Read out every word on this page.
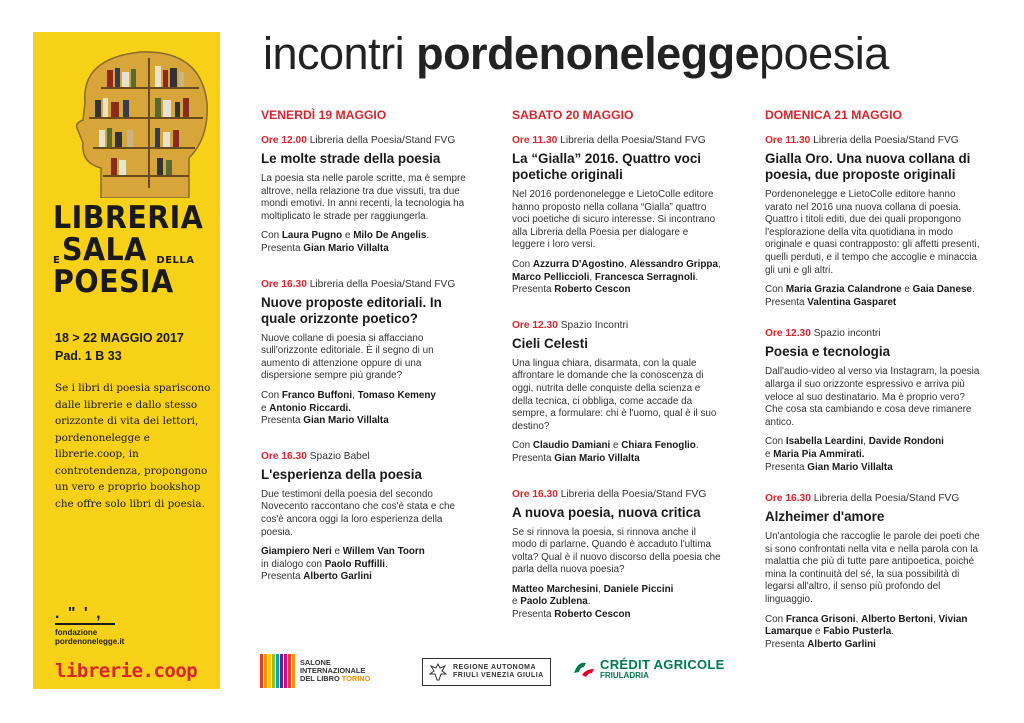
LIBRERIA
E SALA DELLA
POESIA
18 > 22 MAGGIO 2017
Pad. 1 B 33
Se i libri di poesia spariscono dalle librerie e dallo stesso orizzonte di vita dei lettori, pordenonelegge e librerie.coop, in controtendenza, propongono un vero e proprio bookshop che offre solo libri di poesia.
. " ' ,
fondazione
pordenonelegge.it
librerie.coop
incontri pordenoneleggepoesia
VENERDÌ 19 MAGGIO
Ore 12.00 Libreria della Poesia/Stand FVG
Le molte strade della poesia
La poesia sta nelle parole scritte, ma è sempre altrove, nella relazione tra due vissuti, tra due mondi emotivi. In anni recenti, la tecnologia ha moltiplicato le strade per raggiungerla.
Con Laura Pugno e Milo De Angelis.
Presenta Gian Mario Villalta
Ore 16.30 Libreria della Poesia/Stand FVG
Nuove proposte editoriali. In quale orizzonte poetico?
Nuove collane di poesia si affacciano sull'orizzonte editoriale. È il segno di un aumento di attenzione oppure di una dispersione sempre più grande?
Con Franco Buffoni, Tomaso Kemeny
e Antonio Riccardi.
Presenta Gian Mario Villalta
Ore 16.30 Spazio Babel
L'esperienza della poesia
Due testimoni della poesia del secondo Novecento raccontano che cos'è stata e che cos'è ancora oggi la loro esperienza della poesia.
Giampiero Neri e Willem Van Toorn
in dialogo con Paolo Ruffilli.
Presenta Alberto Garlini
SABATO 20 MAGGIO
Ore 11.30 Libreria della Poesia/Stand FVG
La “Gialla” 2016. Quattro voci poetiche originali
Nel 2016 pordenonelegge e LietoColle editore hanno proposto nella collana “Gialla” quattro voci poetiche di sicuro interesse. Si incontrano alla Libreria della Poesia per dialogare e leggere i loro versi.
Con Azzurra D'Agostino, Alessandro Grippa, Marco Pelliccioli, Francesca Serragnoli.
Presenta Roberto Cescon
Ore 12.30 Spazio Incontri
Cieli Celesti
Una lingua chiara, disarmata, con la quale affrontare le domande che la conoscenza di oggi, nutrita delle conquiste della scienza e della tecnica, ci obbliga, come accade da sempre, a formulare: chi è l'uomo, qual è il suo destino?
Con Claudio Damiani e Chiara Fenoglio.
Presenta Gian Mario Villalta
Ore 16.30 Libreria della Poesia/Stand FVG
A nuova poesia, nuova critica
Se si rinnova la poesia, si rinnova anche il modo di parlarne. Quando è accaduto l'ultima volta? Qual è il nuovo discorso della poesia che parla della nuova poesia?
Matteo Marchesini, Daniele Piccini
e Paolo Zublena.
Presenta Roberto Cescon
DOMENICA 21 MAGGIO
Ore 11.30 Libreria della Poesia/Stand FVG
Gialla Oro. Una nuova collana di poesia, due proposte originali
Pordenonelegge e LietoColle editore hanno varato nel 2016 una nuova collana di poesia. Quattro i titoli editi, due dei quali propongono l'esplorazione della vita quotidiana in modo originale e quasi contrapposto: gli affetti presenti, quelli perduti, e il tempo che accoglie e minaccia gli uni e gli altri.
Con Maria Grazia Calandrone e Gaia Danese.
Presenta Valentina Gasparet
Ore 12.30 Spazio incontri
Poesia e tecnologia
Dall'audio-video al verso via Instagram, la poesia allarga il suo orizzonte espressivo e arriva più veloce al suo destinatario. Ma è proprio vero? Che cosa sta cambiando e cosa deve rimanere antico.
Con Isabella Leardini, Davide Rondoni
e Maria Pia Ammirati.
Presenta Gian Mario Villalta
Ore 16.30 Libreria della Poesia/Stand FVG
Alzheimer d'amore
Un'antologia che raccoglie le parole dei poeti che si sono confrontati nella vita e nella parola con la malattia che più di tutte pare antipoetica, poiché mina la continuità del sé, la sua possibilità di legarsi all'altro, il senso più profondo del linguaggio.
Con Franca Grisoni, Alberto Bertoni, Vivian Lamarque e Fabio Pusterla.
Presenta Alberto Garlini
SALONE
INTERNAZIONALE
DEL LIBRO TORINO
REGIONE AUTONOMA
FRIULI VENEZIA GIULIA
CRÉDIT AGRICOLE
FRIULADRIA
